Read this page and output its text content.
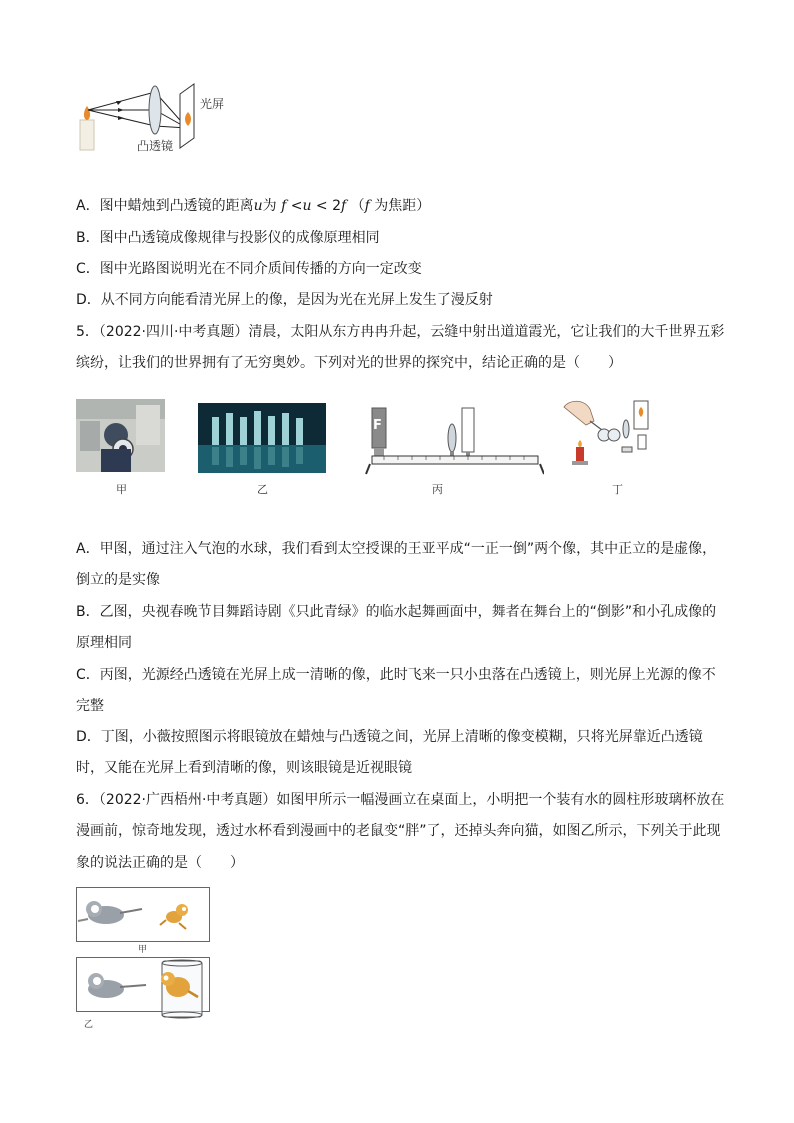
光屏
凸透镜
A．图中蜡烛到凸透镜的距离u为 f <u < 2f （f 为焦距）
B．图中凸透镜成像规律与投影仪的成像原理相同
C．图中光路图说明光在不同介质间传播的方向一定改变
D．从不同方向能看清光屏上的像，是因为光在光屏上发生了漫反射
5．（2022·四川·中考真题）清晨，太阳从东方冉冉升起，云缝中射出道道霞光，它让我们的大千世界五彩
缤纷，让我们的世界拥有了无穷奥妙。下列对光的世界的探究中，结论正确的是（　　）
甲	乙
F
丙	丁
A．甲图，通过注入气泡的水球，我们看到太空授课的王亚平成“一正一倒”两个像，其中正立的是虚像，
倒立的是实像
B．乙图，央视春晚节目舞蹈诗剧《只此青绿》的临水起舞画面中，舞者在舞台上的“倒影”和小孔成像的
原理相同
C．丙图，光源经凸透镜在光屏上成一清晰的像，此时飞来一只小虫落在凸透镜上，则光屏上光源的像不
完整
D．丁图，小薇按照图示将眼镜放在蜡烛与凸透镜之间，光屏上清晰的像变模糊，只将光屏靠近凸透镜
时，又能在光屏上看到清晰的像，则该眼镜是近视眼镜
6．（2022·广西梧州·中考真题）如图甲所示一幅漫画立在桌面上，小明把一个装有水的圆柱形玻璃杯放在
漫画前，惊奇地发现，透过水杯看到漫画中的老鼠变“胖”了，还掉头奔向猫，如图乙所示，下列关于此现
象的说法正确的是（　　）
甲
乙
